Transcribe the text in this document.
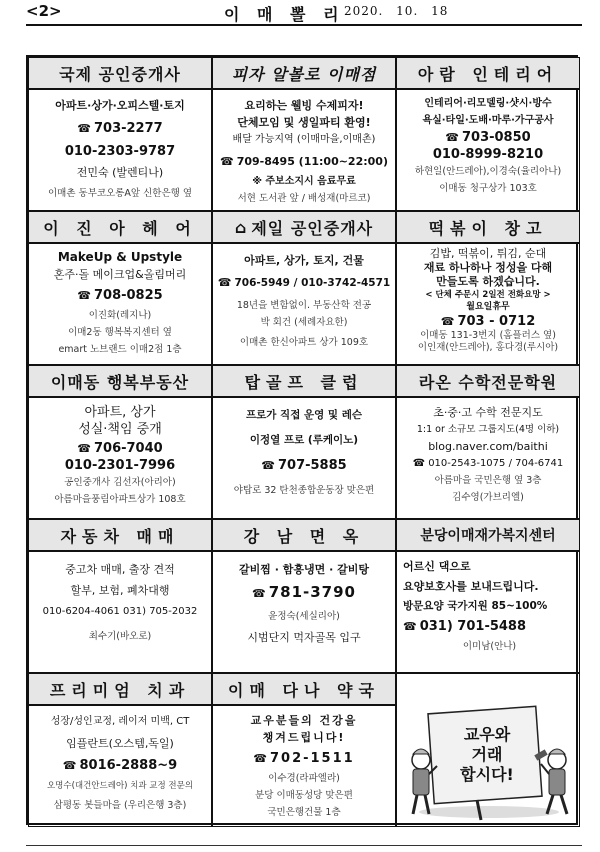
<2>	이 매 뽈 리 2020. 10. 18
국제 공인중개사
아파트·상가·오피스텔·토지
☎ 703-2277
010-2303-9787
전민숙 (발렌티나)
이매촌 동부코오롱A앞 신한은행 옆
피자 알볼로 이매점
요리하는 웰빙 수제피자!
단체모임 및 생일파티 환영!
배달 가능지역 (이매마을,이매촌)
☎ 709-8495 (11:00~22:00)
※ 주보소지시 음료무료
서현 도서관 앞 / 배성재(마르코)
아람 인테리어
인테리어·리모델링·샷시·방수
욕실·타일·도배·마루·가구공사
☎ 703-0850
010-8999-8210
하현일(안드레아),이경숙(율리아나)
이매동 청구상가 103호
이 진 아 헤 어
MakeUp & Upstyle
혼주·돌 메이크업&올림머리
☎ 708-0825
이진화(레지나)
이매2동 행복복지센터 옆
emart 노브랜드 이매2점 1층
⌂ 제일 공인중개사
아파트, 상가, 토지, 건물
☎ 706-5949 / 010-3742-4571
18년을 변함없이. 부동산학 전공
박 회건 (세례자요한)
이매촌 한신아파트 상가 109호
떡볶이 창고
김밥, 떡볶이, 튀김, 순대
재료 하나하나 정성을 다해
만들도록 하겠습니다.
< 단체 주문시 2일전 전화요망 >
월요일휴무
☎ 703 - 0712
이매동 131-3번지 (홈플러스 옆)
이인재(안드레아), 홍다경(루시아)
이매동 행복부동산
아파트, 상가
성실·책임 중개
☎ 706-7040
010-2301-7996
공인중개사 김선자(아리아)
아름마을풍림아파트상가 108호
탑골프 클럽
프로가 직접 운영 및 레슨
이정열 프로 (루케이노)
☎ 707-5885
야탑로 32 탄천종합운동장 맞은편
라온 수학전문학원
초·중·고 수학 전문지도
1:1 or 소규모 그룹지도(4명 이하)
blog.naver.com/baithi
☎ 010-2543-1075 / 704-6741
아름마을 국민은행 옆 3층
김수영(가브리엘)
자동차 매매
중고차 매매, 출장 견적
할부, 보험, 폐차대행
010-6204-4061 031) 705-2032
최수기(바오로)
강 남 면 옥
갈비찜 · 함흥냉면 · 갈비탕
☎ 781-3790
윤정숙(세실리아)
시범단지 먹자골목 입구
분당이매재가복지센터
어르신 댁으로
요양보호사를 보내드립니다.
방문요양 국가지원 85~100%
☎ 031) 701-5488
이미남(안나)
프리미엄 치과
성장/성인교정, 레이저 미백, CT
임플란트(오스템,독일)
☎ 8016-2888~9
오명수(대건안드레아) 치과 교정 전문의
삼평동 봇들마을 (우리은행 3층)
이매 다나 약국
교우분들의 건강을
챙겨드립니다!
☎ 702-1511
이수경(라파엘라)
분당 이매동성당 맞은편
국민은행건물 1층
교우와
거래
합시다!
